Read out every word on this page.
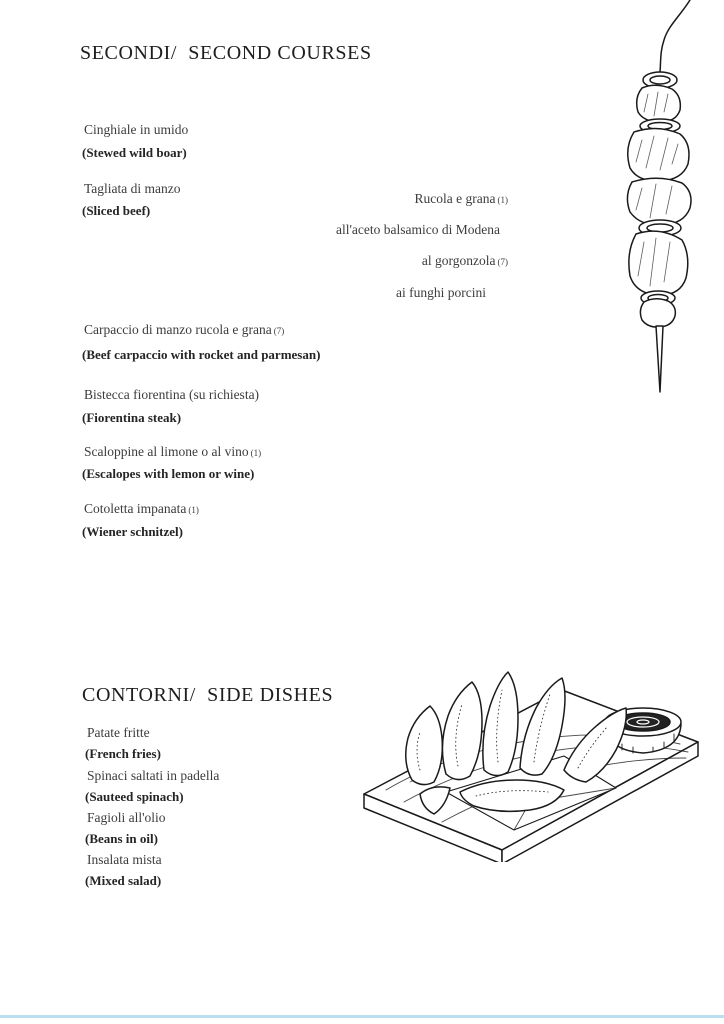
SECONDI/  SECOND COURSES
Cinghiale in umido
(Stewed wild boar)
Tagliata di manzo
(Sliced beef)
Rucola e grana (1)
all'aceto balsamico di Modena
al gorgonzola (7)
ai funghi porcini
Carpaccio di manzo rucola e grana (7)
(Beef carpaccio with rocket and parmesan)
Bistecca fiorentina (su richiesta)
(Fiorentina steak)
Scaloppine al limone o al vino (1)
(Escalopes with lemon or wine)
Cotoletta impanata (1)
(Wiener schnitzel)
CONTORNI/  SIDE DISHES
Patate fritte
(French fries)
Spinaci saltati in padella
(Sauteed spinach)
Fagioli all'olio
(Beans in oil)
Insalata mista
(Mixed salad)
